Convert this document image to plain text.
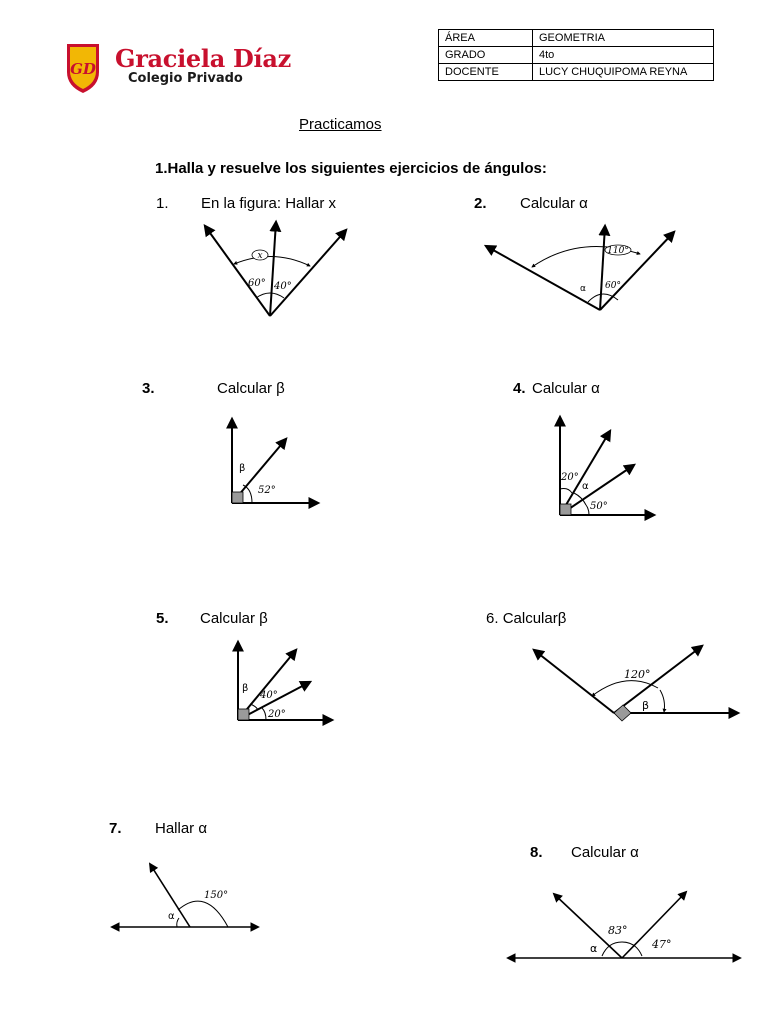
GD Graciela Díaz
Colegio Privado
ÁREA	GEOMETRIA
GRADO	4to
DOCENTE	LUCY CHUQUIPOMA REYNA
Practicamos
1.Halla y resuelve los siguientes ejercicios de ángulos:
1. En la figura: Hallar x
x
60° 40°
2. Calcular α
110°
60°
α
3.	Calcular β
β
52°
4. Calcular α
20°
α
50°
5. Calcular β
β
40°
20°
6. Calcularβ
120°
β
7. Hallar α
150°
α
8. Calcular α
83°
47°
α
